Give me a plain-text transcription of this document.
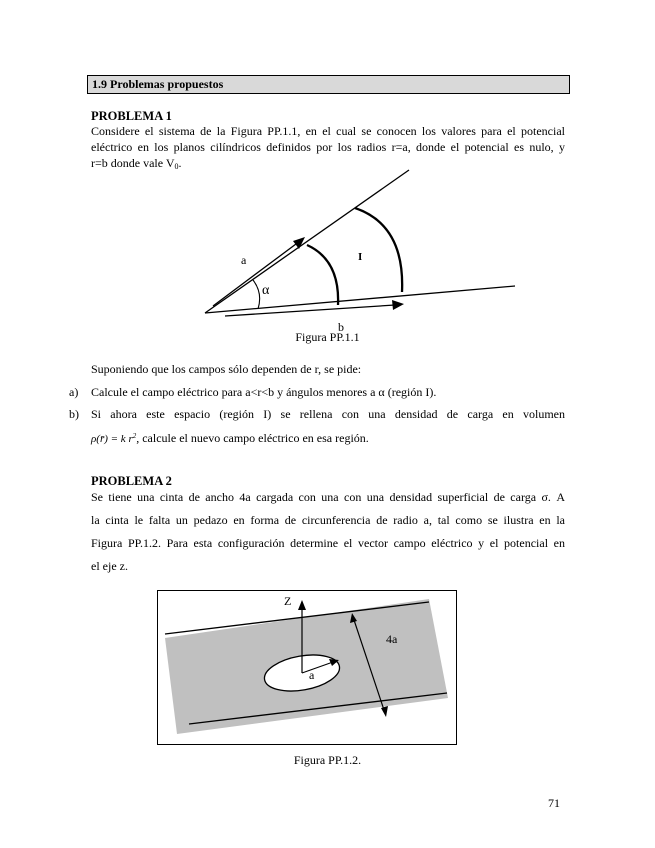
1.9 Problemas propuestos
PROBLEMA 1
Considere el sistema de la Figura PP.1.1, en el cual se conocen los valores para el potencial
eléctrico en los planos cilíndricos definidos por los radios r=a, donde el potencial es nulo, y
r=b donde vale $V_0$.
a	I
α
b
Figura PP.1.1
Suponiendo que los campos sólo dependen de r, se pide:
a) Calcule el campo eléctrico para a<r<b y ángulos menores a α (región I).
b) Si ahora este espacio (región I) se rellena con una densidad de carga en volumen
ρ(r̄) = k $r^2$, calcule el nuevo campo eléctrico en esa región.
PROBLEMA 2
Se tiene una cinta de ancho 4a cargada con una con una densidad superficial de carga σ. A
la cinta le falta un pedazo en forma de circunferencia de radio a, tal como se ilustra en la
Figura PP.1.2. Para esta configuración determine el vector campo eléctrico y el potencial en
el eje z.
Z
4a
a
Figura PP.1.2.
71
